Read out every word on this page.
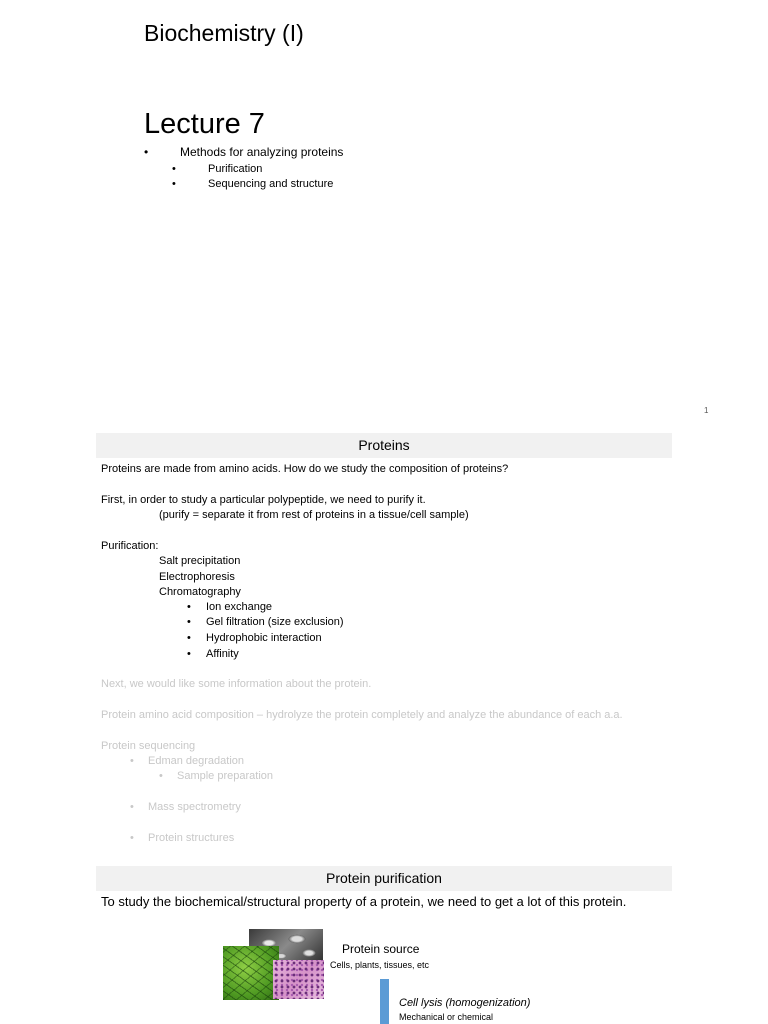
Biochemistry (I)
Lecture 7
•	Methods for analyzing proteins
•	Purification
•	Sequencing and structure
1
Proteins
Proteins are made from amino acids. How do we study the composition of proteins?
First, in order to study a particular polypeptide, we need to purify it.
(purify = separate it from rest of proteins in a tissue/cell sample)
Purification:
Salt precipitation
Electrophoresis
Chromatography
• Ion exchange
• Gel filtration (size exclusion)
• Hydrophobic interaction
• Affinity
Next, we would like some information about the protein.
Protein amino acid composition – hydrolyze the protein completely and analyze the abundance of each a.a.
Protein sequencing
• Edman degradation
• Sample preparation
• Mass spectrometry
• Protein structures
Protein purification
To study the biochemical/structural property of a protein, we need to get a lot of this protein.
Protein source
Cells, plants, tissues, etc
Cell lysis (homogenization)
Mechanical or chemical
